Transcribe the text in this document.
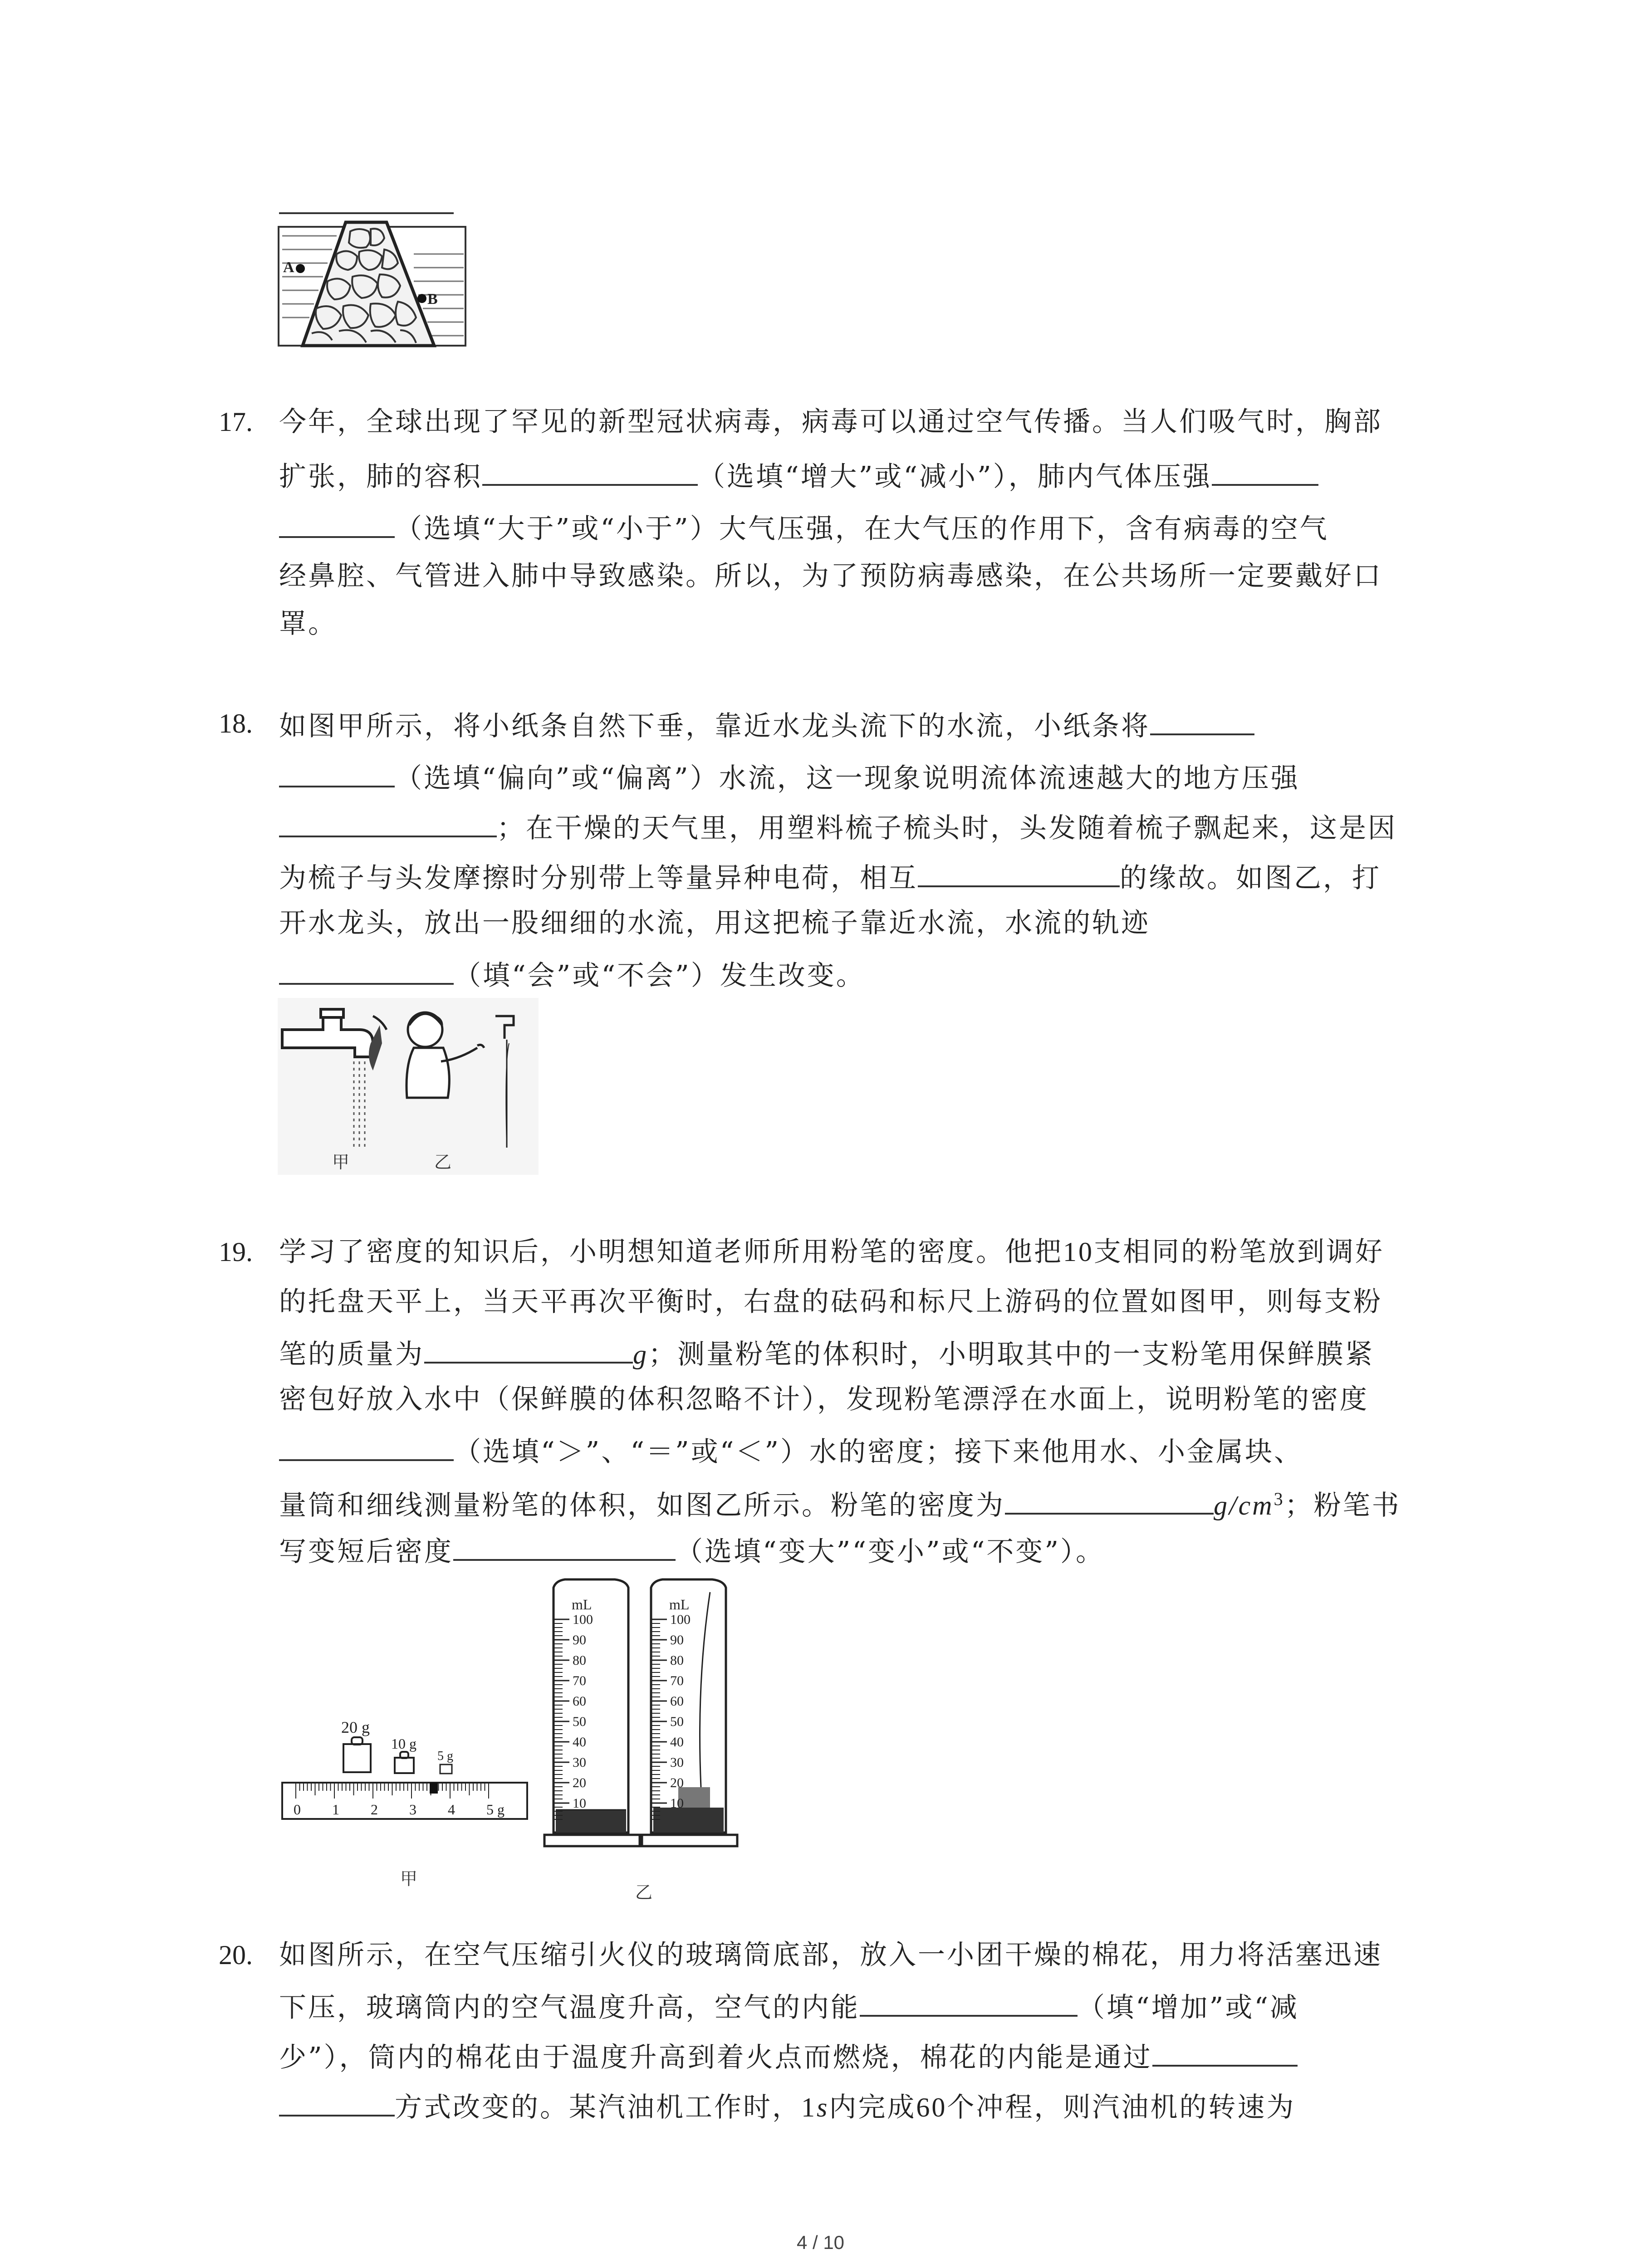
A
B
17. 今年，全球出现了罕见的新型冠状病毒，病毒可以通过空气传播。当人们吸气时，胸部
扩张，肺的容积	（选填“增大”或“减小”），肺内气体压强
（选填“大于”或“小于”）大气压强，在大气压的作用下，含有病毒的空气
经鼻腔、气管进入肺中导致感染。所以，为了预防病毒感染，在公共场所一定要戴好口
罩。
18. 如图甲所示，将小纸条自然下垂，靠近水龙头流下的水流，小纸条将
（选填“偏向”或“偏离”）水流，这一现象说明流体流速越大的地方压强
；在干燥的天气里，用塑料梳子梳头时，头发随着梳子飘起来，这是因
为梳子与头发摩擦时分别带上等量异种电荷，相互	的缘故。如图乙，打
开水龙头，放出一股细细的水流，用这把梳子靠近水流，水流的轨迹
（填“会”或“不会”）发生改变。
甲	乙
19. 学习了密度的知识后，小明想知道老师所用粉笔的密度。他把10支相同的粉笔放到调好
的托盘天平上，当天平再次平衡时，右盘的砝码和标尺上游码的位置如图甲，则每支粉
笔的质量为	g；测量粉笔的体积时，小明取其中的一支粉笔用保鲜膜紧
密包好放入水中（保鲜膜的体积忽略不计），发现粉笔漂浮在水面上，说明粉笔的密度
（选填“＞”、“＝”或“＜”）水的密度；接下来他用水、小金属块、
量筒和细线测量粉笔的体积，如图乙所示。粉笔的密度为	$g/cm^3$；粉笔书
写变短后密度	（选填“变大”“变小”或“不变”）。
20 g
10 g
5 g
0 1 2 3 4 5 g
甲
mL
100
90
80
70
60
50
40
30
20
10
mL
100
90
80
70
60
50
40
30
20
10
乙
20. 如图所示，在空气压缩引火仪的玻璃筒底部，放入一小团干燥的棉花，用力将活塞迅速
下压，玻璃筒内的空气温度升高，空气的内能	（填“增加”或“减
少”），筒内的棉花由于温度升高到着火点而燃烧，棉花的内能是通过
方式改变的。某汽油机工作时，1s内完成60个冲程，则汽油机的转速为
4 / 10
